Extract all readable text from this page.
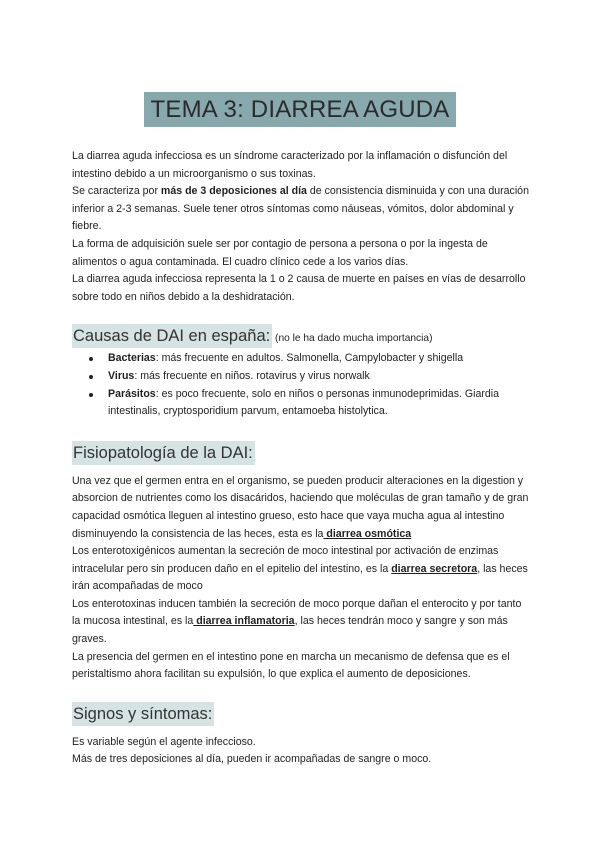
TEMA 3: DIARREA AGUDA

La diarrea aguda infecciosa es un síndrome caracterizado por la inflamación o disfunción del intestino debido a un microorganismo o sus toxinas.

Se caracteriza por más de 3 deposiciones al día de consistencia disminuida y con una duración inferior a 2-3 semanas. Suele tener otros síntomas como náuseas, vómitos, dolor abdominal y fiebre.

La forma de adquisición suele ser por contagio de persona a persona o por la ingesta de alimentos o agua contaminada. El cuadro clínico cede a los varios días.

La diarrea aguda infecciosa representa la 1 o 2 causa de muerte en países en vías de desarrollo sobre todo en niños debido a la deshidratación.

Causas de DAI en españa: (no le ha dado mucha importancia)
Bacterias: más frecuente en adultos. Salmonella, Campylobacter y shigella
Virus: más frecuente en niños. rotavirus y virus norwalk
Parásitos: es poco frecuente, solo en niños o personas inmunodeprimidas. Giardia intestinalis, cryptosporidium parvum, entamoeba histolytica.
Fisiopatología de la DAI:

Una vez que el germen entra en el organismo, se pueden producir alteraciones en la digestion y absorcion de nutrientes como los disacáridos, haciendo que moléculas de gran tamaño y de gran capacidad osmótica lleguen al intestino grueso, esto hace que vaya mucha agua al intestino disminuyendo la consistencia de las heces, esta es la diarrea osmótica

Los enterotoxigénicos aumentan la secreción de moco intestinal por activación de enzimas intracelular pero sin producen daño en el epitelio del intestino, es la diarrea secretora, las heces irán acompañadas de moco

Los enterotoxinas inducen también la secreción de moco porque dañan el enterocito y por tanto la mucosa intestinal, es la diarrea inflamatoria, las heces tendrán moco y sangre y son más graves.

La presencia del germen en el intestino pone en marcha un mecanismo de defensa que es el peristaltismo ahora facilitan su expulsión, lo que explica el aumento de deposiciones.

Signos y síntomas:

Es variable según el agente infeccioso.

Más de tres deposiciones al día, pueden ir acompañadas de sangre o moco.
